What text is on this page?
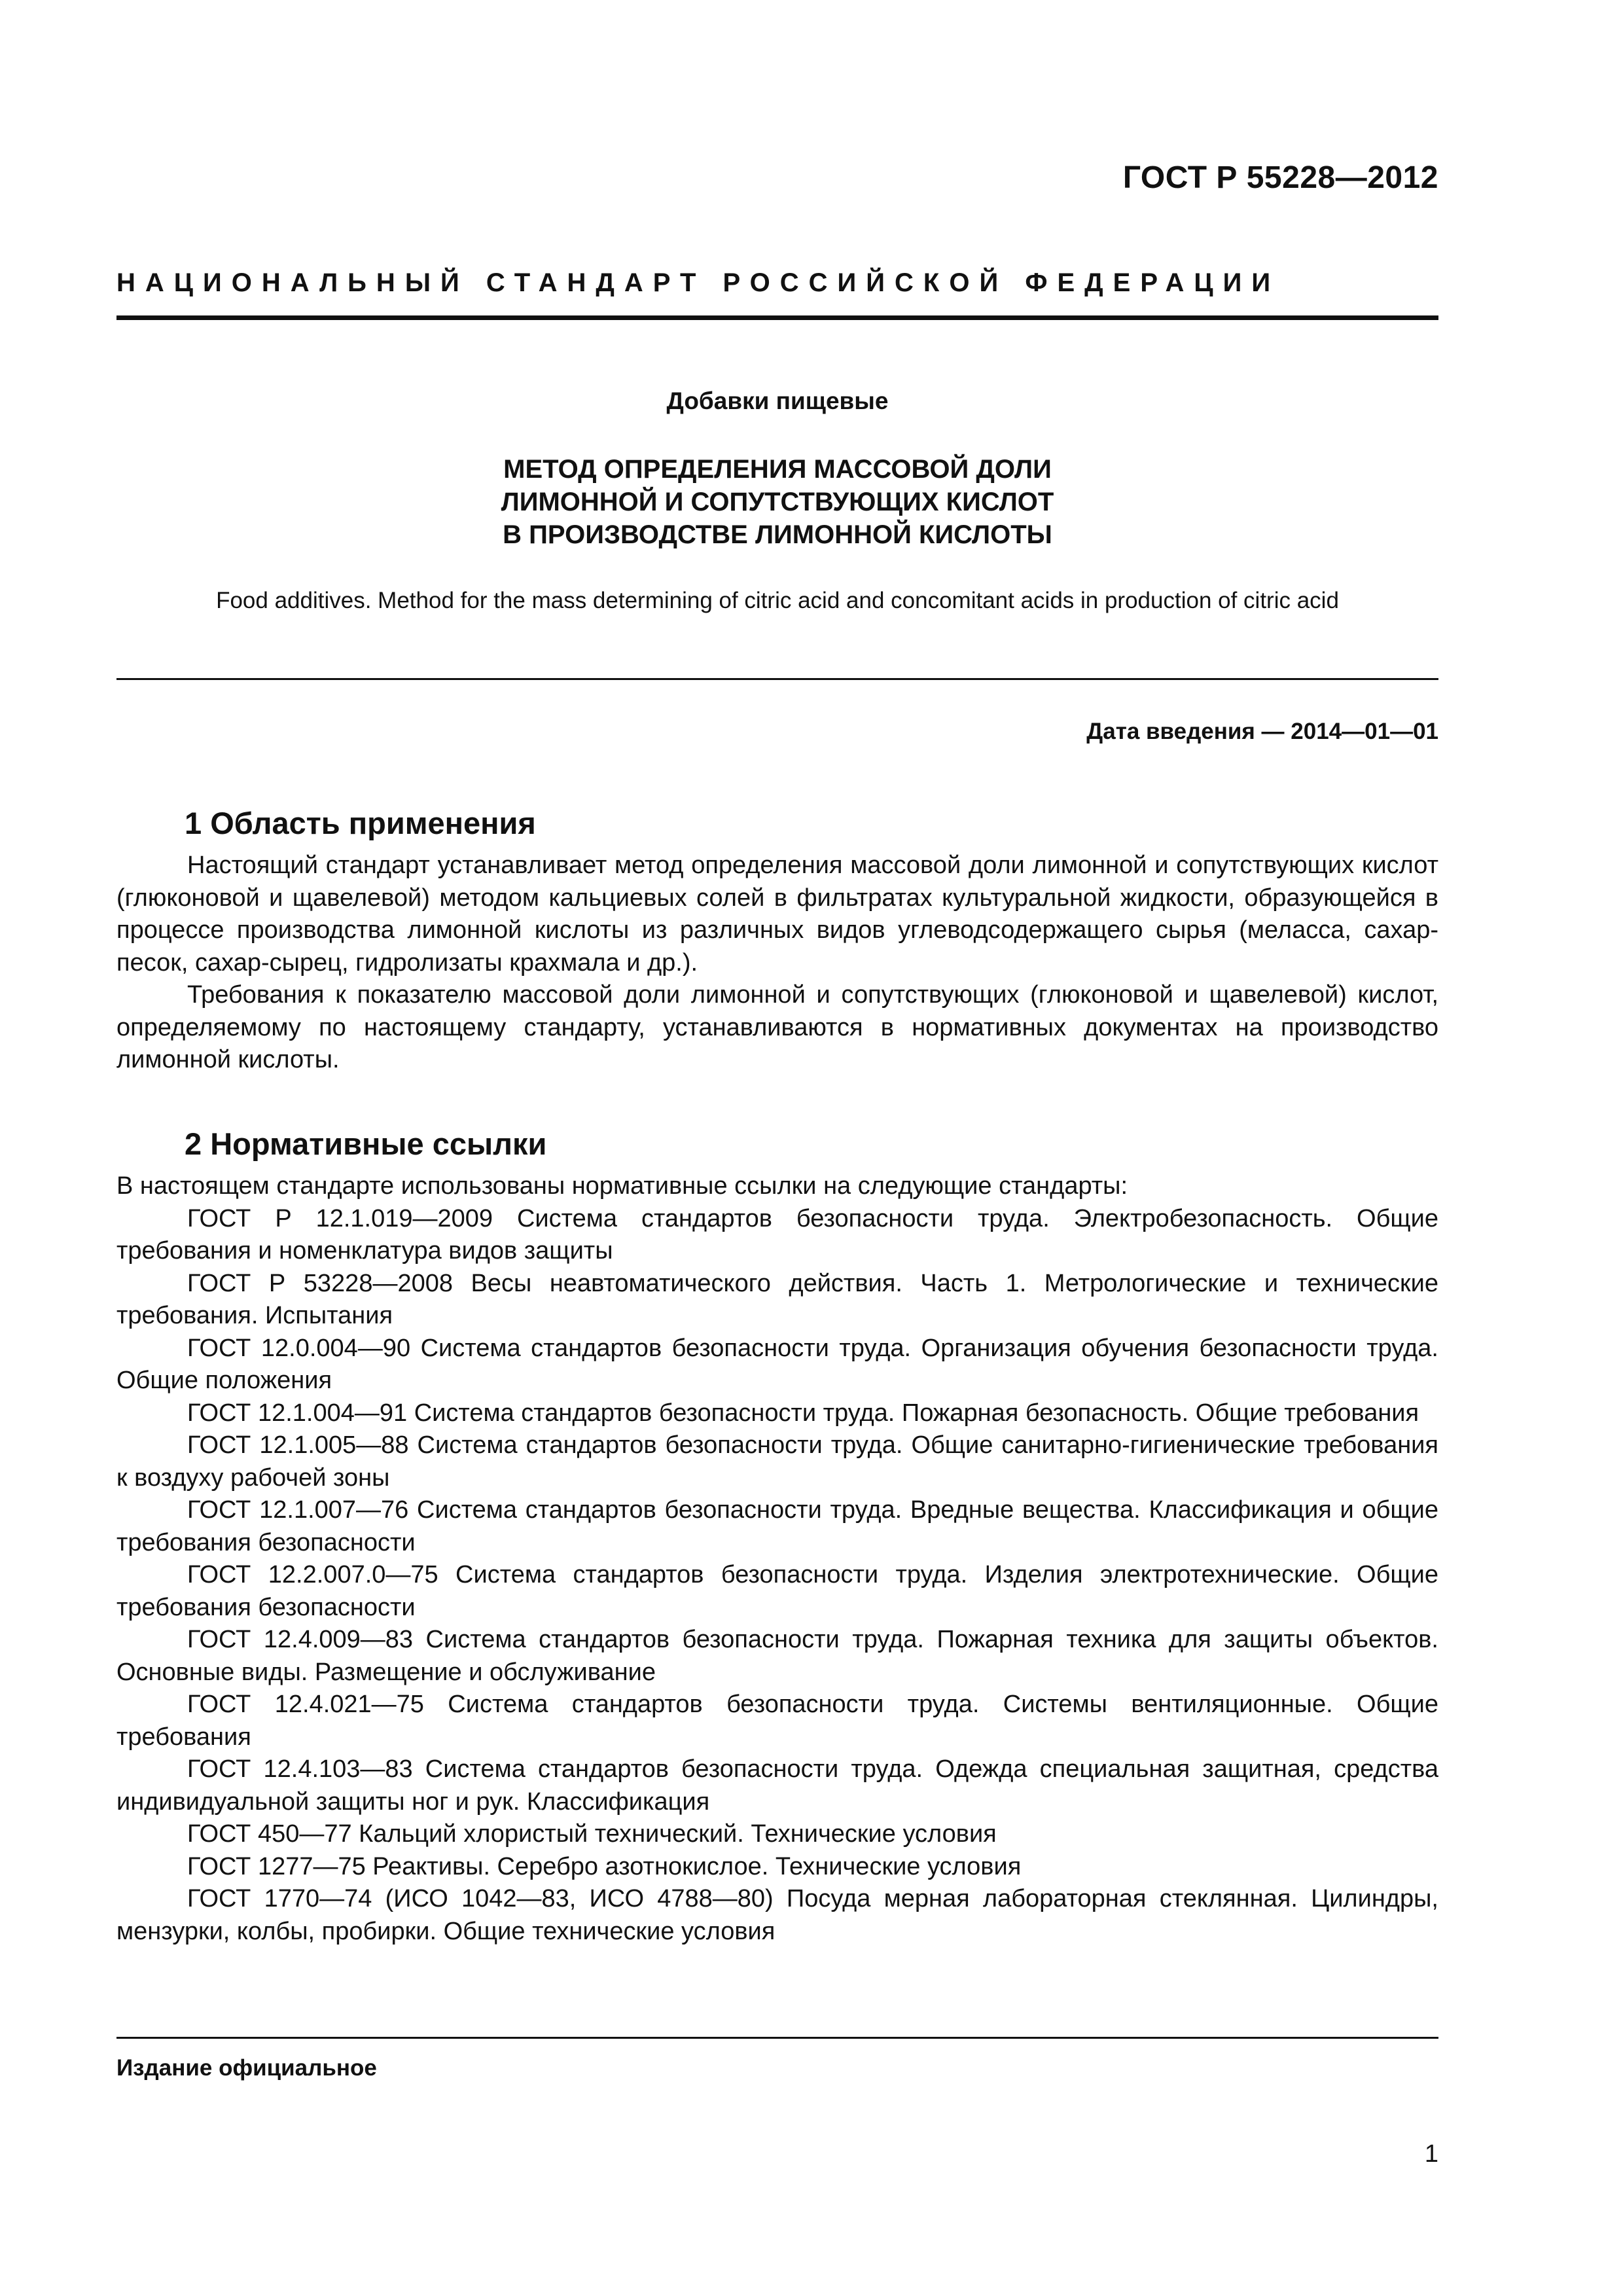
ГОСТ Р 55228—2012
НАЦИОНАЛЬНЫЙ СТАНДАРТ РОССИЙСКОЙ ФЕДЕРАЦИИ
Добавки пищевые
МЕТОД ОПРЕДЕЛЕНИЯ МАССОВОЙ ДОЛИ
ЛИМОННОЙ И СОПУТСТВУЮЩИХ КИСЛОТ
В ПРОИЗВОДСТВЕ ЛИМОННОЙ КИСЛОТЫ
Food additives. Method for the mass determining of citric acid and concomitant acids in production of citric acid
Дата введения — 2014—01—01
1 Область применения

Настоящий стандарт устанавливает метод определения массовой доли лимонной и сопутствующих кислот (глюконовой и щавелевой) методом кальциевых солей в фильтратах культуральной жидкости, образующейся в процессе производства лимонной кислоты из различных видов углеводсодержащего сырья (меласса, сахар-песок, сахар-сырец, гидролизаты крахмала и др.).

Требования к показателю массовой доли лимонной и сопутствующих (глюконовой и щавелевой) кислот, определяемому по настоящему стандарту, устанавливаются в нормативных документах на производство лимонной кислоты.

2 Нормативные ссылки

В настоящем стандарте использованы нормативные ссылки на следующие стандарты:

ГОСТ Р 12.1.019—2009 Система стандартов безопасности труда. Электробезопасность. Общие требования и номенклатура видов защиты

ГОСТ Р 53228—2008 Весы неавтоматического действия. Часть 1. Метрологические и технические требования. Испытания

ГОСТ 12.0.004—90 Система стандартов безопасности труда. Организация обучения безопасности труда. Общие положения

ГОСТ 12.1.004—91 Система стандартов безопасности труда. Пожарная безопасность. Общие требования

ГОСТ 12.1.005—88 Система стандартов безопасности труда. Общие санитарно-гигиенические требования к воздуху рабочей зоны

ГОСТ 12.1.007—76 Система стандартов безопасности труда. Вредные вещества. Классификация и общие требования безопасности

ГОСТ 12.2.007.0—75 Система стандартов безопасности труда. Изделия электротехнические. Общие требования безопасности

ГОСТ 12.4.009—83 Система стандартов безопасности труда. Пожарная техника для защиты объектов. Основные виды. Размещение и обслуживание

ГОСТ 12.4.021—75 Система стандартов безопасности труда. Системы вентиляционные. Общие требования

ГОСТ 12.4.103—83 Система стандартов безопасности труда. Одежда специальная защитная, средства индивидуальной защиты ног и рук. Классификация

ГОСТ 450—77 Кальций хлористый технический. Технические условия

ГОСТ 1277—75 Реактивы. Серебро азотнокислое. Технические условия

ГОСТ 1770—74 (ИСО 1042—83, ИСО 4788—80) Посуда мерная лабораторная стеклянная. Цилиндры, мензурки, колбы, пробирки. Общие технические условия

Издание официальное
1
